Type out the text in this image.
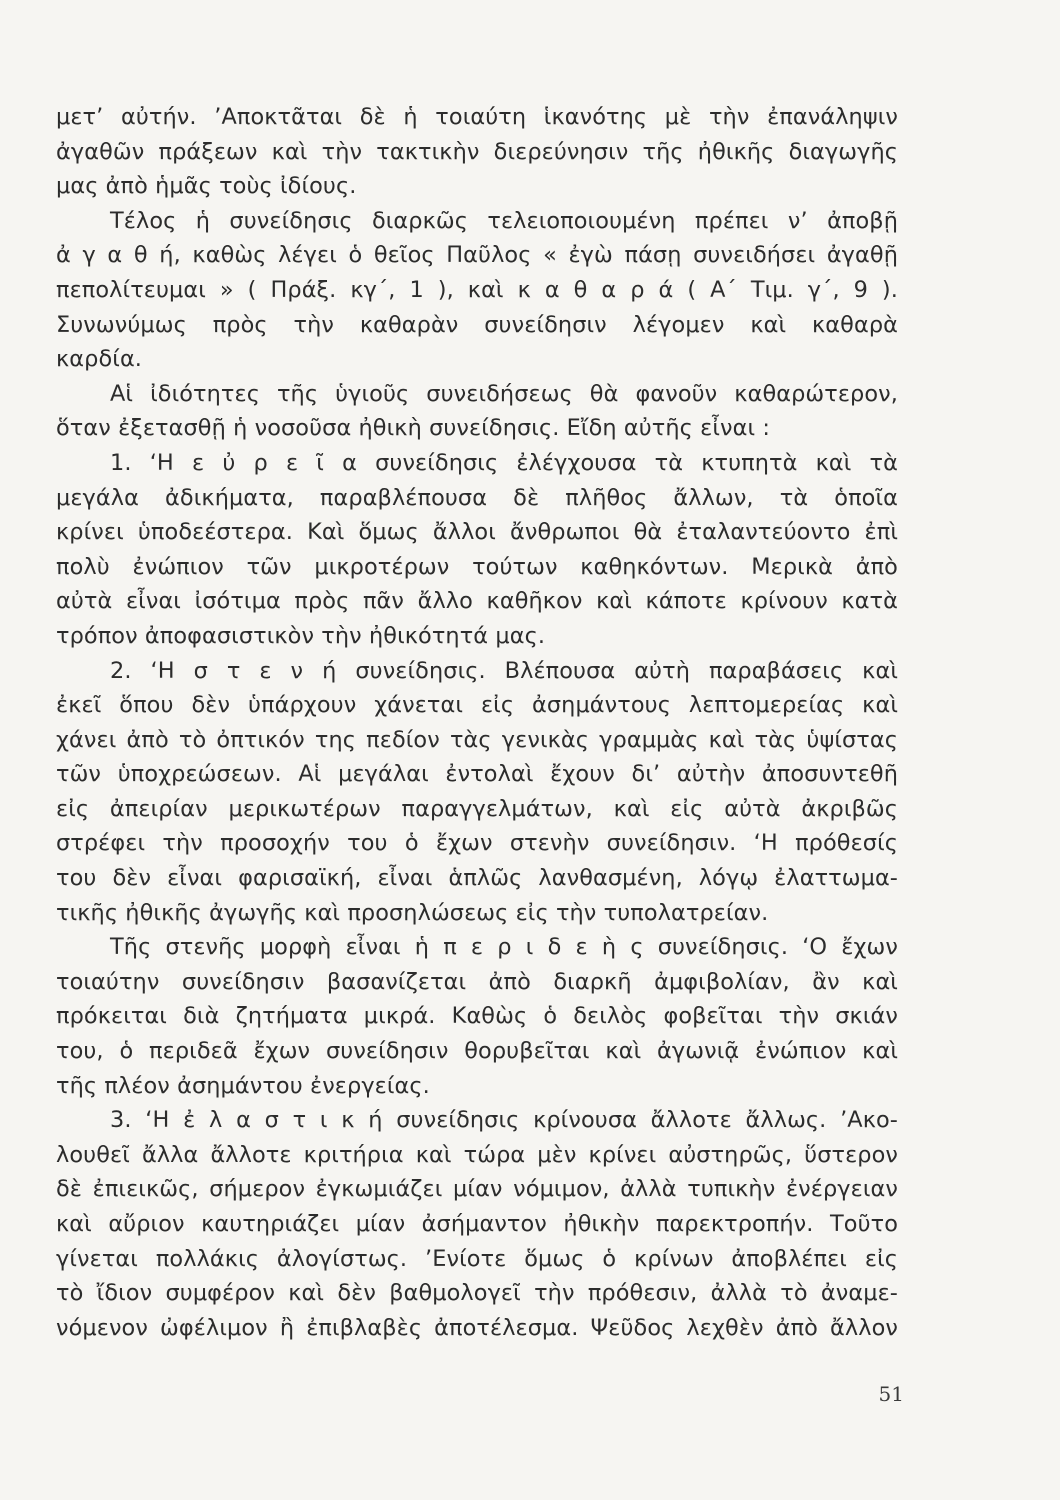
μετ’ αὐτήν. ’Αποκτᾶται δὲ ἡ τοιαύτη ἱκανότης μὲ τὴν ἐπανάληψιν
ἀγαθῶν πράξεων καὶ τὴν τακτικὴν διερεύνησιν τῆς ἠθικῆς διαγωγῆς
μας ἀπὸ ἡμᾶς τοὺς ἰδίους.
Τέλος ἡ συνείδησις διαρκῶς τελειοποιουμένη πρέπει ν’ ἀποβῇ
ἀ γ α θ ή, καθὼς λέγει ὁ θεῖος Παῦλος « ἐγὼ πάσῃ συνειδήσει ἀγαθῇ
πεπολίτευμαι » ( Πράξ. κγ΄, 1 ), καὶ κ α θ α ρ ά ( Α΄ Τιμ. γ΄, 9 ).
Συνωνύμως πρὸς τὴν καθαρὰν συνείδησιν λέγομεν καὶ καθαρὰ
καρδία.
Αἱ ἰδιότητες τῆς ὑγιοῦς συνειδήσεως θὰ φανοῦν καθαρώτερον,
ὅταν ἐξετασθῇ ἡ νοσοῦσα ἠθικὴ συνείδησις. Εἴδη αὐτῆς εἶναι :
1. ‘Η ε ὐ ρ ε ῖ α συνείδησις ἐλέγχουσα τὰ κτυπητὰ καὶ τὰ
μεγάλα ἀδικήματα, παραβλέπουσα δὲ πλῆθος ἄλλων, τὰ ὁποῖα
κρίνει ὑποδεέστερα. Καὶ ὅμως ἄλλοι ἄνθρωποι θὰ ἐταλαντεύοντο ἐπὶ
πολὺ ἐνώπιον τῶν μικροτέρων τούτων καθηκόντων. Μερικὰ ἀπὸ
αὐτὰ εἶναι ἰσότιμα πρὸς πᾶν ἄλλο καθῆκον καὶ κάποτε κρίνουν κατὰ
τρόπον ἀποφασιστικὸν τὴν ἠθικότητά μας.
2. ‘Η σ τ ε ν ή συνείδησις. Βλέπουσα αὐτὴ παραβάσεις καὶ
ἐκεῖ ὅπου δὲν ὑπάρχουν χάνεται εἰς ἀσημάντους λεπτομερείας καὶ
χάνει ἀπὸ τὸ ὀπτικόν της πεδίον τὰς γενικὰς γραμμὰς καὶ τὰς ὑψίστας
τῶν ὑποχρεώσεων. Αἱ μεγάλαι ἐντολαὶ ἔχουν δι’ αὐτὴν ἀποσυντεθῆ
εἰς ἀπειρίαν μερικωτέρων παραγγελμάτων, καὶ εἰς αὐτὰ ἀκριβῶς
στρέφει τὴν προσοχήν του ὁ ἔχων στενὴν συνείδησιν. ‘Η πρόθεσίς
του δὲν εἶναι φαρισαϊκή, εἶναι ἁπλῶς λανθασμένη, λόγῳ ἐλαττωμα-
τικῆς ἠθικῆς ἀγωγῆς καὶ προσηλώσεως εἰς τὴν τυπολατρείαν.
Τῆς στενῆς μορφὴ εἶναι ἡ π ε ρ ι δ ε ὴ ς συνείδησις. ‘Ο ἔχων
τοιαύτην συνείδησιν βασανίζεται ἀπὸ διαρκῆ ἀμφιβολίαν, ἂν καὶ
πρόκειται διὰ ζητήματα μικρά. Καθὼς ὁ δειλὸς φοβεῖται τὴν σκιάν
του, ὁ περιδεᾶ ἔχων συνείδησιν θορυβεῖται καὶ ἀγωνιᾷ ἐνώπιον καὶ
τῆς πλέον ἀσημάντου ἐνεργείας.
3. ‘Η ἐ λ α σ τ ι κ ή συνείδησις κρίνουσα ἄλλοτε ἄλλως. ’Ακο-
λουθεῖ ἄλλα ἄλλοτε κριτήρια καὶ τώρα μὲν κρίνει αὐστηρῶς, ὕστερον
δὲ ἐπιεικῶς, σήμερον ἐγκωμιάζει μίαν νόμιμον, ἀλλὰ τυπικὴν ἐνέργειαν
καὶ αὔριον καυτηριάζει μίαν ἀσήμαντον ἠθικὴν παρεκτροπήν. Τοῦτο
γίνεται πολλάκις ἀλογίστως. ’Ενίοτε ὅμως ὁ κρίνων ἀποβλέπει εἰς
τὸ ἴδιον συμφέρον καὶ δὲν βαθμολογεῖ τὴν πρόθεσιν, ἀλλὰ τὸ ἀναμε-
νόμενον ὠφέλιμον ἢ ἐπιβλαβὲς ἀποτέλεσμα. Ψεῦδος λεχθὲν ἀπὸ ἄλλον
51
